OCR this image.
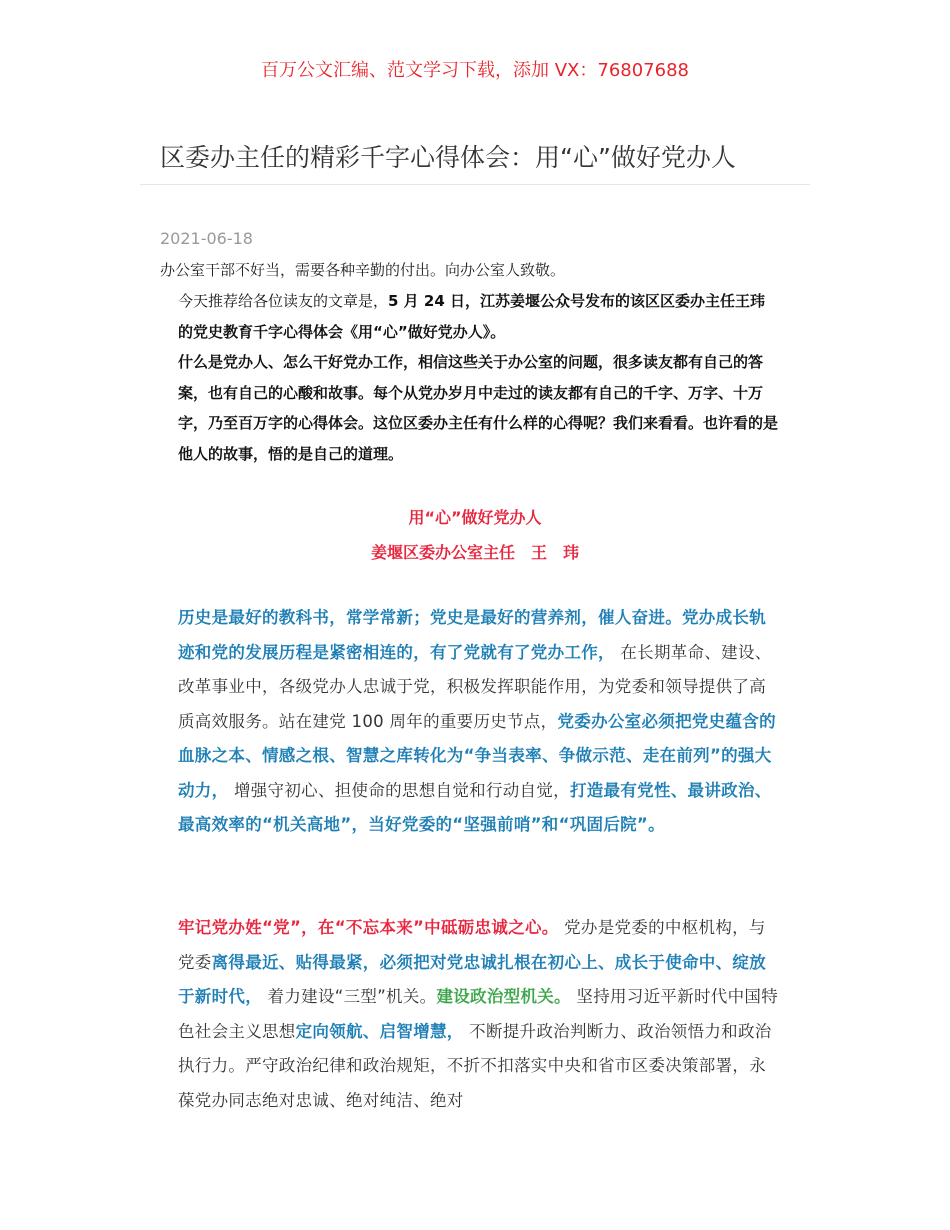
百万公文汇编、范文学习下载，添加 VX：76807688
区委办主任的精彩千字心得体会：用“心”做好党办人
2021-06-18
办公室干部不好当，需要各种辛勤的付出。向办公室人致敬。
今天推荐给各位读友的文章是，5 月 24 日，江苏姜堰公众号发布的该区区委办主任王玮的党史教育千字心得体会《用“心”做好党办人》。
什么是党办人、怎么干好党办工作，相信这些关于办公室的问题，很多读友都有自己的答案，也有自己的心酸和故事。每个从党办岁月中走过的读友都有自己的千字、万字、十万字，乃至百万字的心得体会。这位区委办主任有什么样的心得呢？我们来看看。也许看的是他人的故事，悟的是自己的道理。
用“心”做好党办人
姜堰区委办公室主任　王　玮
历史是最好的教科书，常学常新；党史是最好的营养剂，催人奋进。党办成长轨迹和党的发展历程是紧密相连的，有了党就有了党办工作， 在长期革命、建设、改革事业中，各级党办人忠诚于党，积极发挥职能作用，为党委和领导提供了高质高效服务。站在建党 100 周年的重要历史节点，党委办公室必须把党史蕴含的血脉之本、情感之根、智慧之库转化为“争当表率、争做示范、走在前列”的强大动力， 增强守初心、担使命的思想自觉和行动自觉，打造最有党性、最讲政治、最高效率的“机关高地”，当好党委的“坚强前哨”和“巩固后院”。
牢记党办姓“党”，在“不忘本来”中砥砺忠诚之心。 党办是党委的中枢机构，与党委离得最近、贴得最紧，必须把对党忠诚扎根在初心上、成长于使命中、绽放于新时代， 着力建设“三型”机关。建设政治型机关。 坚持用习近平新时代中国特色社会主义思想定向领航、启智增慧， 不断提升政治判断力、政治领悟力和政治执行力。严守政治纪律和政治规矩，不折不扣落实中央和省市区委决策部署，永葆党办同志绝对忠诚、绝对纯洁、绝对
